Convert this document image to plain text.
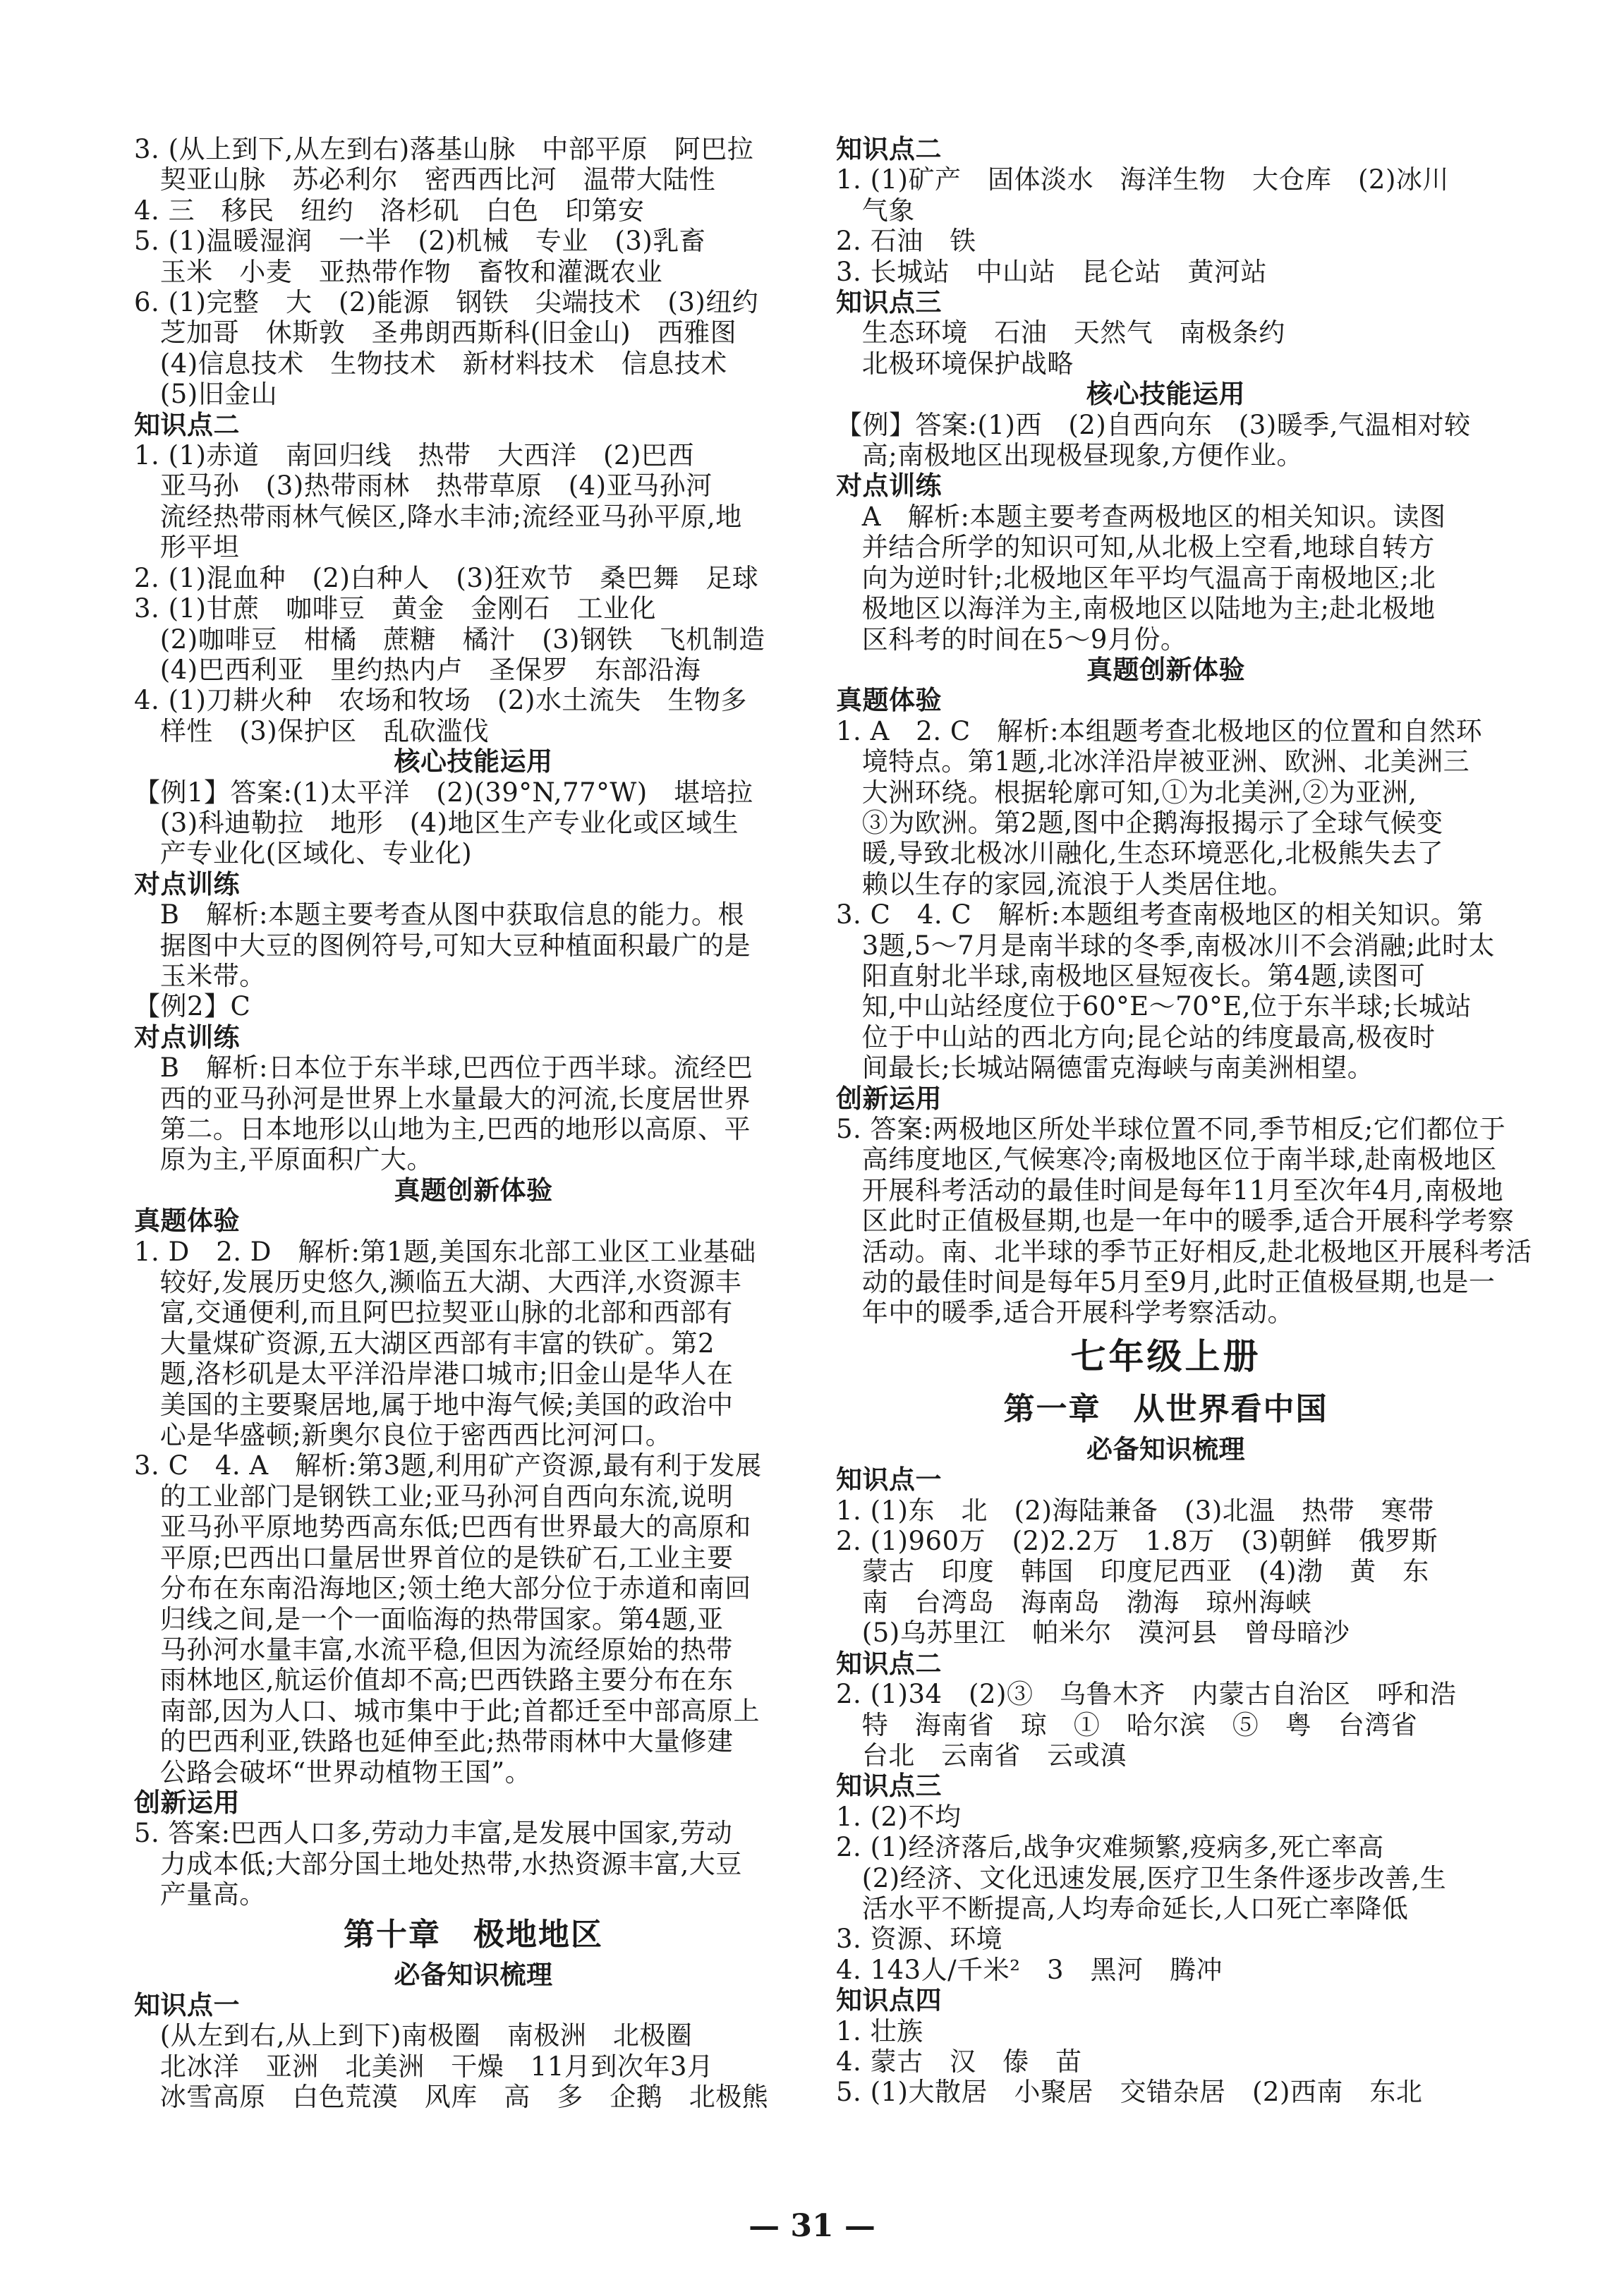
3. (从上到下,从左到右)落基山脉　中部平原　阿巴拉
契亚山脉　苏必利尔　密西西比河　温带大陆性
4. 三　移民　纽约　洛杉矶　白色　印第安
5. (1)温暖湿润　一半　(2)机械　专业　(3)乳畜
玉米　小麦　亚热带作物　畜牧和灌溉农业
6. (1)完整　大　(2)能源　钢铁　尖端技术　(3)纽约
芝加哥　休斯敦　圣弗朗西斯科(旧金山)　西雅图
(4)信息技术　生物技术　新材料技术　信息技术
(5)旧金山
知识点二
1. (1)赤道　南回归线　热带　大西洋　(2)巴西
亚马孙　(3)热带雨林　热带草原　(4)亚马孙河
流经热带雨林气候区,降水丰沛;流经亚马孙平原,地
形平坦
2. (1)混血种　(2)白种人　(3)狂欢节　桑巴舞　足球
3. (1)甘蔗　咖啡豆　黄金　金刚石　工业化
(2)咖啡豆　柑橘　蔗糖　橘汁　(3)钢铁　飞机制造
(4)巴西利亚　里约热内卢　圣保罗　东部沿海
4. (1)刀耕火种　农场和牧场　(2)水土流失　生物多
样性　(3)保护区　乱砍滥伐
核心技能运用
【例1】答案:(1)太平洋　(2)(39°N,77°W)　堪培拉
(3)科迪勒拉　地形　(4)地区生产专业化或区域生
产专业化(区域化、专业化)
对点训练
B　解析:本题主要考查从图中获取信息的能力。根
据图中大豆的图例符号,可知大豆种植面积最广的是
玉米带。
【例2】C
对点训练
B　解析:日本位于东半球,巴西位于西半球。流经巴
西的亚马孙河是世界上水量最大的河流,长度居世界
第二。日本地形以山地为主,巴西的地形以高原、平
原为主,平原面积广大。
真题创新体验
真题体验
1. D　2. D　解析:第1题,美国东北部工业区工业基础
较好,发展历史悠久,濒临五大湖、大西洋,水资源丰
富,交通便利,而且阿巴拉契亚山脉的北部和西部有
大量煤矿资源,五大湖区西部有丰富的铁矿。第2
题,洛杉矶是太平洋沿岸港口城市;旧金山是华人在
美国的主要聚居地,属于地中海气候;美国的政治中
心是华盛顿;新奥尔良位于密西西比河河口。
3. C　4. A　解析:第3题,利用矿产资源,最有利于发展
的工业部门是钢铁工业;亚马孙河自西向东流,说明
亚马孙平原地势西高东低;巴西有世界最大的高原和
平原;巴西出口量居世界首位的是铁矿石,工业主要
分布在东南沿海地区;领土绝大部分位于赤道和南回
归线之间,是一个一面临海的热带国家。第4题,亚
马孙河水量丰富,水流平稳,但因为流经原始的热带
雨林地区,航运价值却不高;巴西铁路主要分布在东
南部,因为人口、城市集中于此;首都迁至中部高原上
的巴西利亚,铁路也延伸至此;热带雨林中大量修建
公路会破坏“世界动植物王国”。
创新运用
5. 答案:巴西人口多,劳动力丰富,是发展中国家,劳动
力成本低;大部分国土地处热带,水热资源丰富,大豆
产量高。
第十章　极地地区
必备知识梳理
知识点一
(从左到右,从上到下)南极圈　南极洲　北极圈
北冰洋　亚洲　北美洲　干燥　11月到次年3月
冰雪高原　白色荒漠　风库　高　多　企鹅　北极熊
知识点二
1. (1)矿产　固体淡水　海洋生物　大仓库　(2)冰川
气象
2. 石油　铁
3. 长城站　中山站　昆仑站　黄河站
知识点三
生态环境　石油　天然气　南极条约
北极环境保护战略
核心技能运用
【例】答案:(1)西　(2)自西向东　(3)暖季,气温相对较
高;南极地区出现极昼现象,方便作业。
对点训练
A　解析:本题主要考查两极地区的相关知识。读图
并结合所学的知识可知,从北极上空看,地球自转方
向为逆时针;北极地区年平均气温高于南极地区;北
极地区以海洋为主,南极地区以陆地为主;赴北极地
区科考的时间在5～9月份。
真题创新体验
真题体验
1. A　2. C　解析:本组题考查北极地区的位置和自然环
境特点。第1题,北冰洋沿岸被亚洲、欧洲、北美洲三
大洲环绕。根据轮廓可知,①为北美洲,②为亚洲,
③为欧洲。第2题,图中企鹅海报揭示了全球气候变
暖,导致北极冰川融化,生态环境恶化,北极熊失去了
赖以生存的家园,流浪于人类居住地。
3. C　4. C　解析:本题组考查南极地区的相关知识。第
3题,5～7月是南半球的冬季,南极冰川不会消融;此时太
阳直射北半球,南极地区昼短夜长。第4题,读图可
知,中山站经度位于60°E～70°E,位于东半球;长城站
位于中山站的西北方向;昆仑站的纬度最高,极夜时
间最长;长城站隔德雷克海峡与南美洲相望。
创新运用
5. 答案:两极地区所处半球位置不同,季节相反;它们都位于
高纬度地区,气候寒冷;南极地区位于南半球,赴南极地区
开展科考活动的最佳时间是每年11月至次年4月,南极地
区此时正值极昼期,也是一年中的暖季,适合开展科学考察
活动。南、北半球的季节正好相反,赴北极地区开展科考活
动的最佳时间是每年5月至9月,此时正值极昼期,也是一
年中的暖季,适合开展科学考察活动。
七年级上册
第一章　从世界看中国
必备知识梳理
知识点一
1. (1)东　北　(2)海陆兼备　(3)北温　热带　寒带
2. (1)960万　(2)2.2万　1.8万　(3)朝鲜　俄罗斯
蒙古　印度　韩国　印度尼西亚　(4)渤　黄　东
南　台湾岛　海南岛　渤海　琼州海峡
(5)乌苏里江　帕米尔　漠河县　曾母暗沙
知识点二
2. (1)34　(2)③　乌鲁木齐　内蒙古自治区　呼和浩
特　海南省　琼　①　哈尔滨　⑤　粤　台湾省
台北　云南省　云或滇
知识点三
1. (2)不均
2. (1)经济落后,战争灾难频繁,疫病多,死亡率高
(2)经济、文化迅速发展,医疗卫生条件逐步改善,生
活水平不断提高,人均寿命延长,人口死亡率降低
3. 资源、环境
4. 143人/千米²　3　黑河　腾冲
知识点四
1. 壮族
4. 蒙古　汉　傣　苗
5. (1)大散居　小聚居　交错杂居　(2)西南　东北
— 31 —
